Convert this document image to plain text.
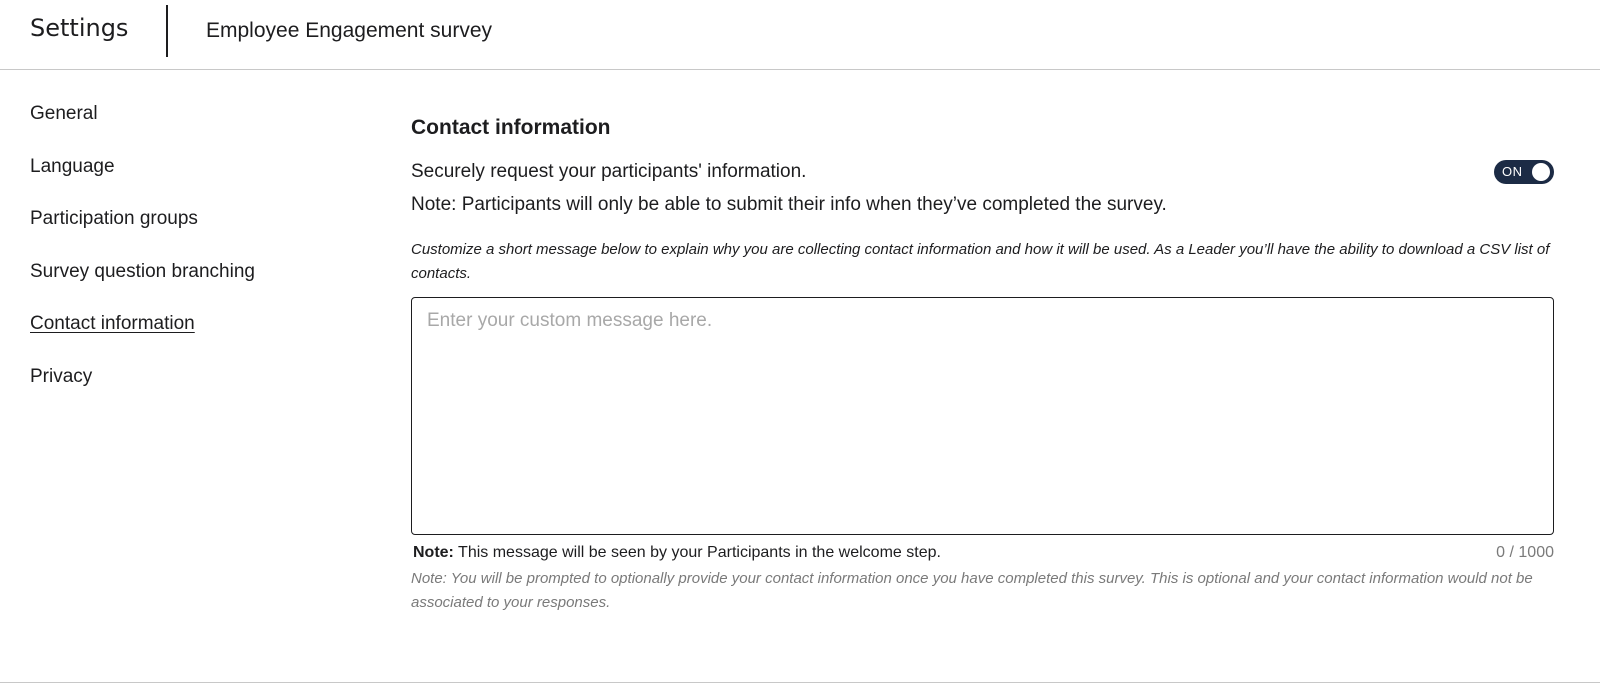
Settings	Employee Engagement survey
General
Language
Participation groups
Survey question branching
Contact information
Privacy
Contact information
Securely request your participants' information.	ON
Note: Participants will only be able to submit their info when they’ve completed the survey.
Customize a short message below to explain why you are collecting contact information and how it will be used. As a Leader you’ll have the ability to download a CSV list of contacts.
Enter your custom message here.
Note: This message will be seen by your Participants in the welcome step.	0 / 1000
Note: You will be prompted to optionally provide your contact information once you have completed this survey. This is optional and your contact information would not be associated to your responses.
